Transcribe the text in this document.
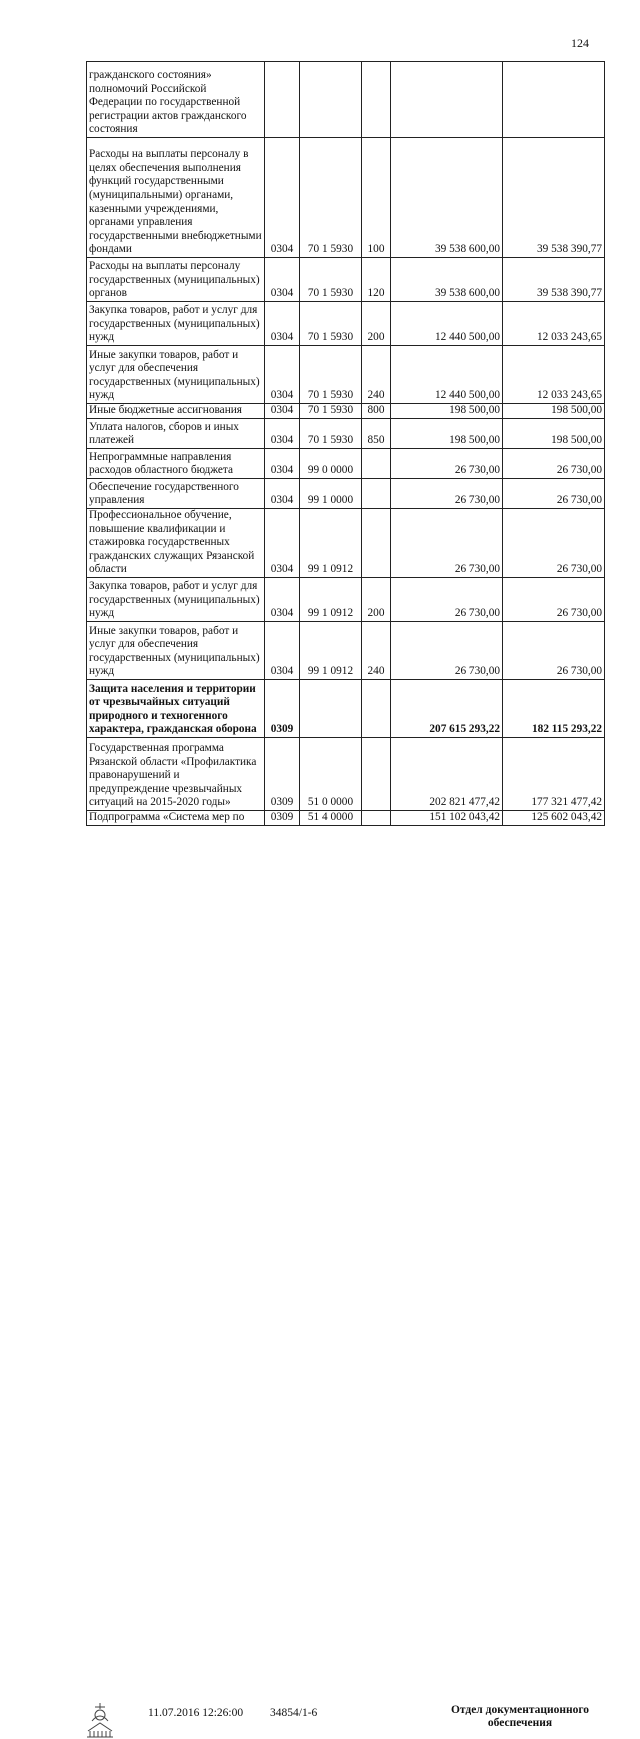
124
гражданского состояния» полномочий Российской Федерации по государственной регистрации актов гражданского состояния					
Расходы на выплаты персоналу в целях обеспечения выполнения функций государственными (муниципальными) органами, казенными учреждениями, органами управления государственными внебюджетными фондами	0304	70 1 5930	100	39 538 600,00	39 538 390,77
Расходы на выплаты персоналу государственных (муниципальных) органов	0304	70 1 5930	120	39 538 600,00	39 538 390,77
Закупка товаров, работ и услуг для государственных (муниципальных) нужд	0304	70 1 5930	200	12 440 500,00	12 033 243,65
Иные закупки товаров, работ и услуг для обеспечения государственных (муниципальных) нужд	0304	70 1 5930	240	12 440 500,00	12 033 243,65
Иные бюджетные ассигнования	0304	70 1 5930	800	198 500,00	198 500,00
Уплата налогов, сборов и иных платежей	0304	70 1 5930	850	198 500,00	198 500,00
Непрограммные направления расходов областного бюджета	0304	99 0 0000		26 730,00	26 730,00
Обеспечение государственного управления	0304	99 1 0000		26 730,00	26 730,00
Профессиональное обучение, повышение квалификации и стажировка государственных гражданских служащих Рязанской области	0304	99 1 0912		26 730,00	26 730,00
Закупка товаров, работ и услуг для государственных (муниципальных) нужд	0304	99 1 0912	200	26 730,00	26 730,00
Иные закупки товаров, работ и услуг для обеспечения государственных (муниципальных) нужд	0304	99 1 0912	240	26 730,00	26 730,00
Защита населения и территории от чрезвычайных ситуаций природного и техногенного характера, гражданская оборона	0309			207 615 293,22	182 115 293,22
Государственная программа Рязанской области «Профилактика правонарушений и предупреждение чрезвычайных ситуаций на 2015-2020 годы»	0309	51 0 0000		202 821 477,42	177 321 477,42
Подпрограмма «Система мер по	0309	51 4 0000		151 102 043,42	125 602 043,42
11.07.2016 12:26:00 34854/1-6	Отдел документационного обеспечения
